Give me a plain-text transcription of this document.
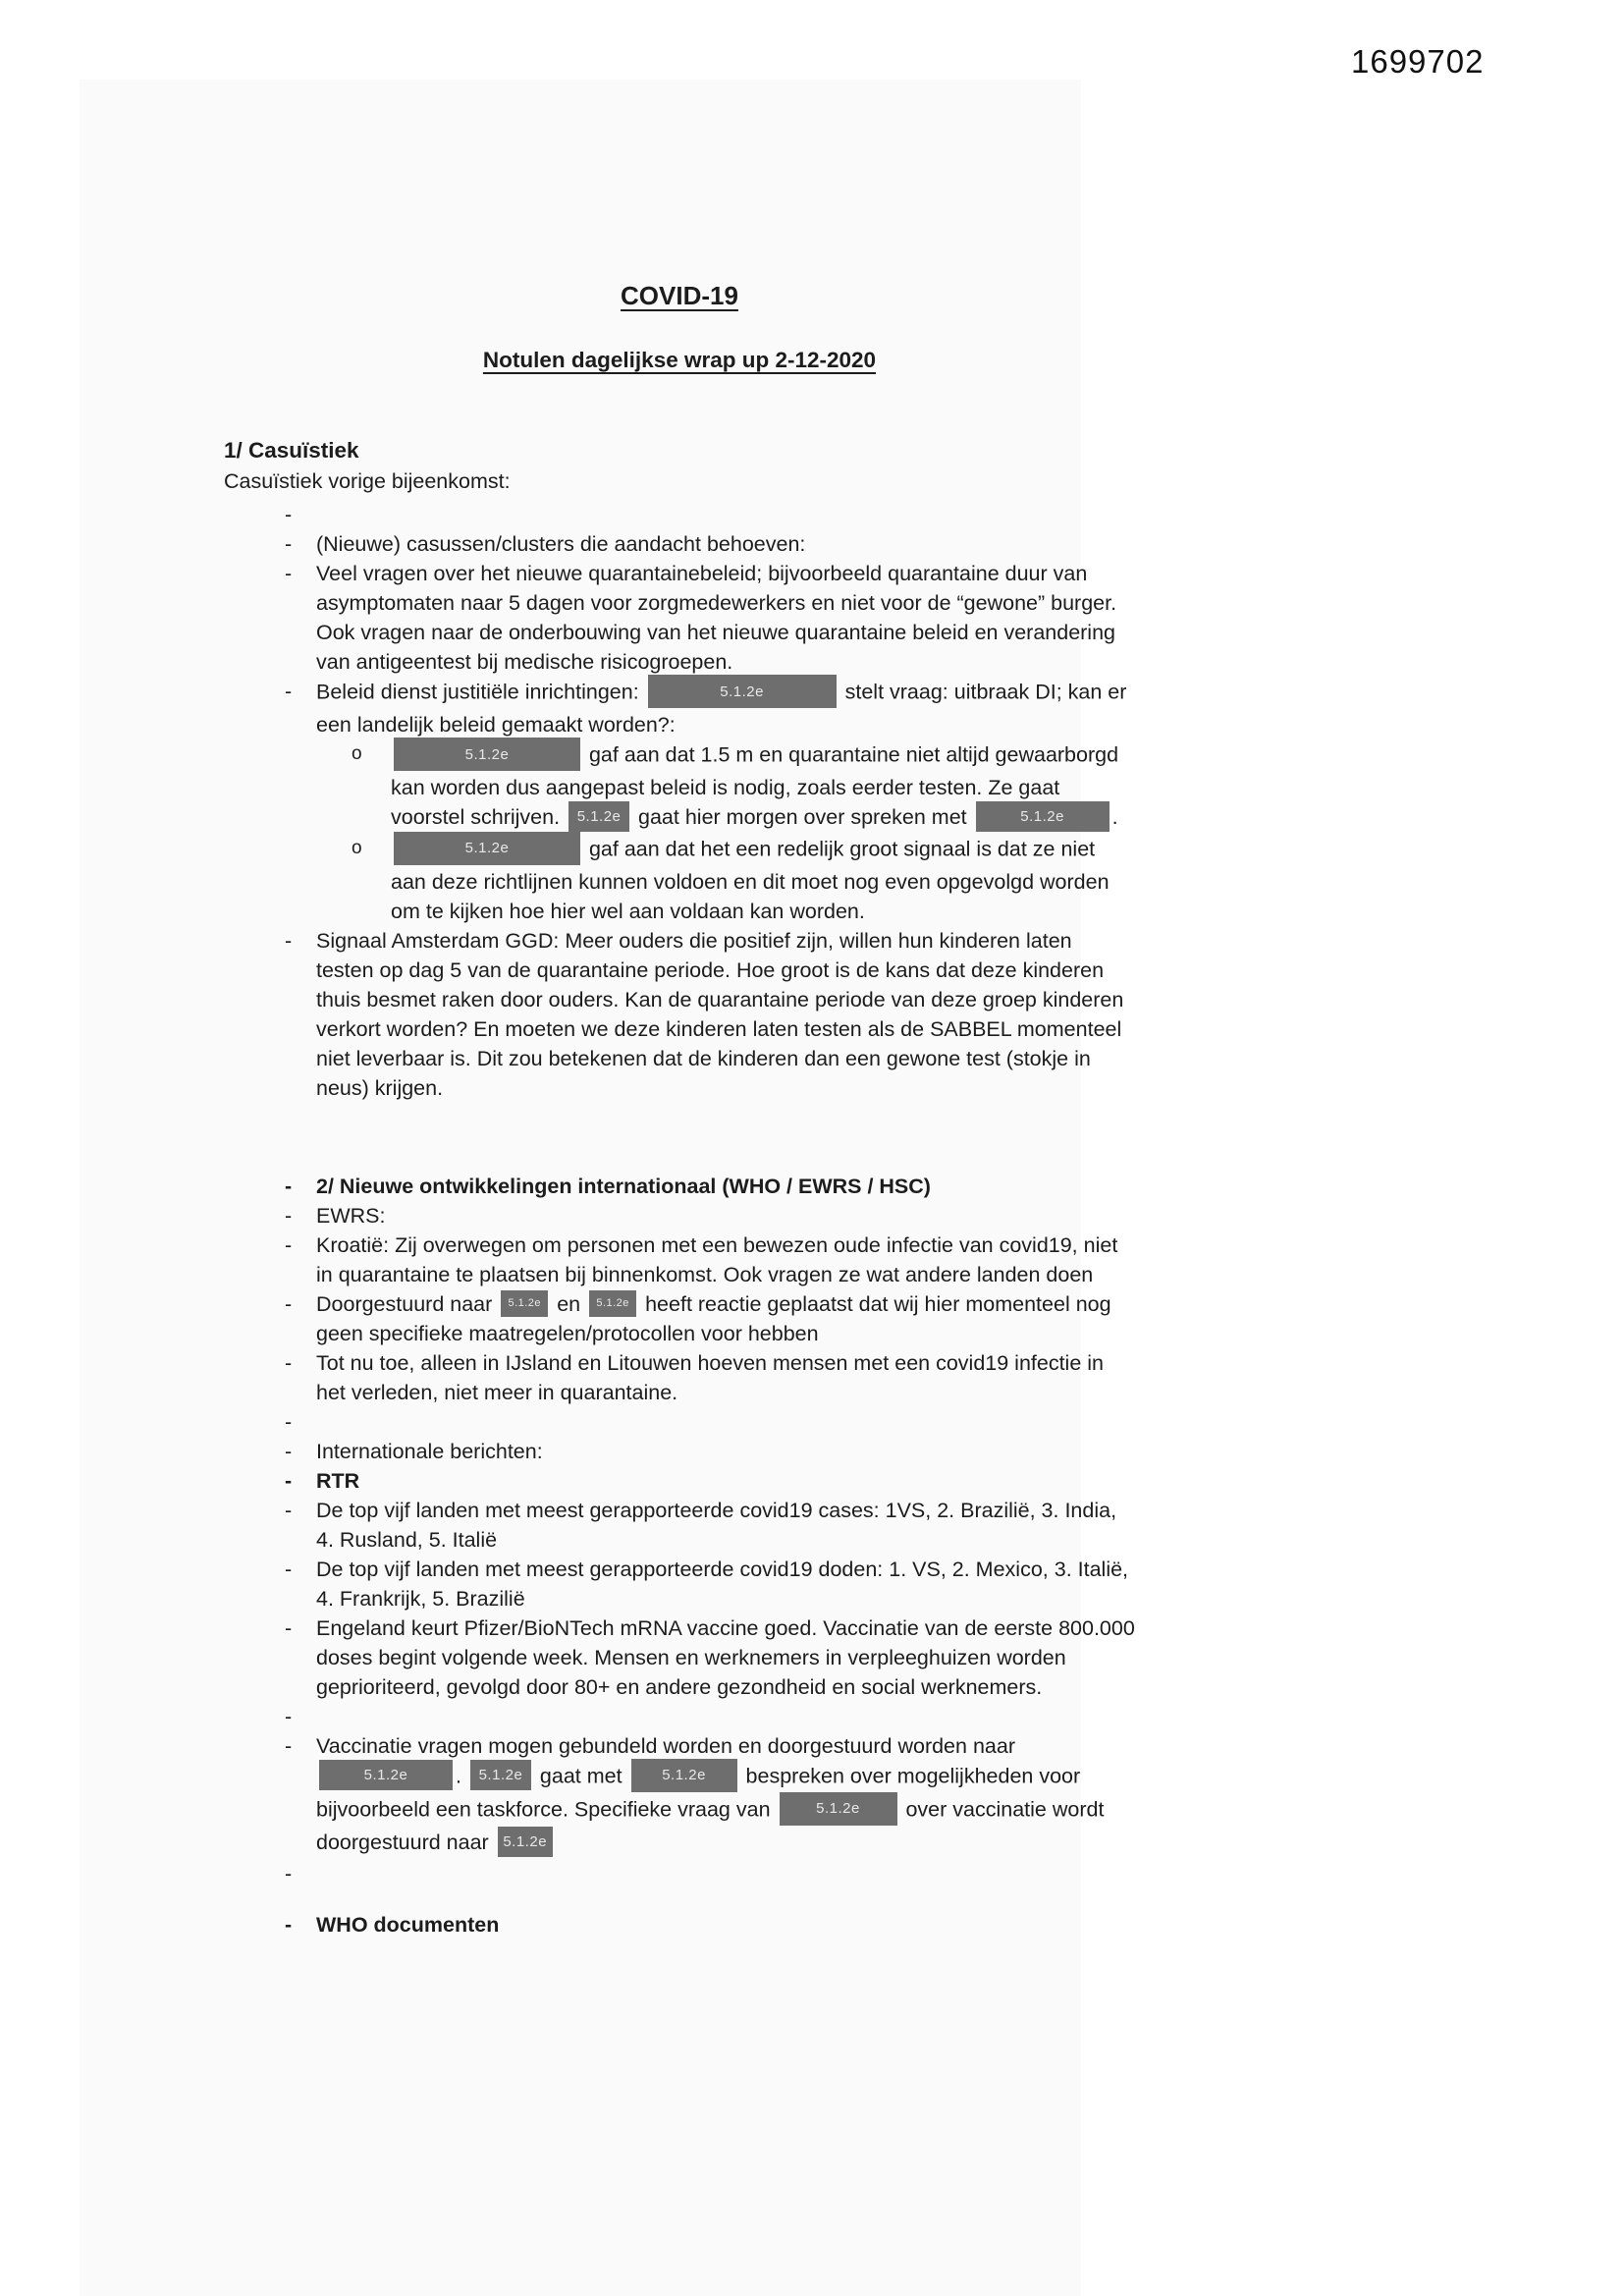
1699702
COVID-19
Notulen dagelijkse wrap up 2-12-2020
1/ Casuïstiek
Casuïstiek vorige bijeenkomst:
-
- (Nieuwe) casussen/clusters die aandacht behoeven:
- Veel vragen over het nieuwe quarantainebeleid; bijvoorbeeld quarantaine duur van asymptomaten naar 5 dagen voor zorgmedewerkers en niet voor de “gewone” burger. Ook vragen naar de onderbouwing van het nieuwe quarantaine beleid en verandering van antigeentest bij medische risicogroepen.
- Beleid dienst justitiële inrichtingen:	5.1.2e	stelt vraag: uitbraak DI; kan er een landelijk beleid gemaakt worden?:
o	5.1.2e	gaf aan dat 1.5 m en quarantaine niet altijd gewaarborgd kan worden dus aangepast beleid is nodig, zoals eerder testen. Ze gaat voorstel schrijven. 5.1.2e gaat hier morgen over spreken met	5.1.2e .
o	5.1.2e	gaf aan dat het een redelijk groot signaal is dat ze niet aan deze richtlijnen kunnen voldoen en dit moet nog even opgevolgd worden om te kijken hoe hier wel aan voldaan kan worden.
- Signaal Amsterdam GGD: Meer ouders die positief zijn, willen hun kinderen laten testen op dag 5 van de quarantaine periode. Hoe groot is de kans dat deze kinderen thuis besmet raken door ouders. Kan de quarantaine periode van deze groep kinderen verkort worden? En moeten we deze kinderen laten testen als de SABBEL momenteel niet leverbaar is. Dit zou betekenen dat de kinderen dan een gewone test (stokje in neus) krijgen.
- 2/ Nieuwe ontwikkelingen internationaal (WHO / EWRS / HSC)
- EWRS:
- Kroatië: Zij overwegen om personen met een bewezen oude infectie van covid19, niet in quarantaine te plaatsen bij binnenkomst. Ook vragen ze wat andere landen doen
- Doorgestuurd naar 5.1.2e en 5.1.2e heeft reactie geplaatst dat wij hier momenteel nog geen specifieke maatregelen/protocollen voor hebben
- Tot nu toe, alleen in IJsland en Litouwen hoeven mensen met een covid19 infectie in het verleden, niet meer in quarantaine.
-
- Internationale berichten:
- RTR
- De top vijf landen met meest gerapporteerde covid19 cases: 1VS, 2. Brazilië, 3. India, 4. Rusland, 5. Italië
- De top vijf landen met meest gerapporteerde covid19 doden: 1. VS, 2. Mexico, 3. Italië, 4. Frankrijk, 5. Brazilië
- Engeland keurt Pfizer/BioNTech mRNA vaccine goed. Vaccinatie van de eerste 800.000 doses begint volgende week. Mensen en werknemers in verpleeghuizen worden geprioriteerd, gevolgd door 80+ en andere gezondheid en social werknemers.
-
- Vaccinatie vragen mogen gebundeld worden en doorgestuurd worden naar 5.1.2e . 5.1.2e gaat met 5.1.2e bespreken over mogelijkheden voor bijvoorbeeld een taskforce. Specifieke vraag van	5.1.2e over vaccinatie wordt doorgestuurd naar 5.1.2e
-
- WHO documenten
